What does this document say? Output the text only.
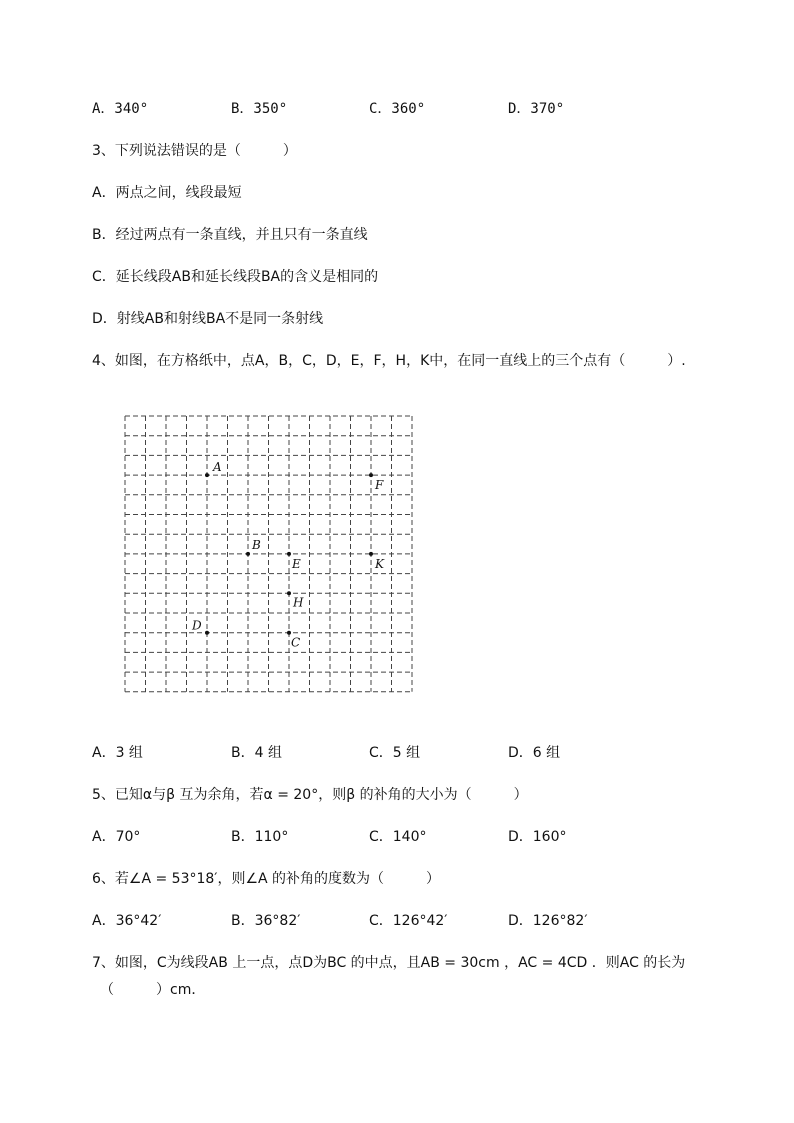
A．340°	B．350°	C．360°	D．370°
3、下列说法错误的是（　　　）
A．两点之间，线段最短
B．经过两点有一条直线，并且只有一条直线
C．延长线段AB和延长线段BA的含义是相同的
D．射线AB和射线BA不是同一条射线
4、如图，在方格纸中，点A，B，C，D，E，F，H，K中，在同一直线上的三个点有（　　　）.
A
B
C
D
E
F
H
K
A．3 组	B．4 组	C．5 组	D．6 组
5、已知α与β 互为余角，若α = 20°，则β 的补角的大小为（　　　）
A．70°	B．110°	C．140°	D．160°
6、若∠A = 53°18′，则∠A 的补角的度数为（　　　）
A．36°42′	B．36°82′	C．126°42′	D．126°82′
7、如图，C为线段AB 上一点，点D为BC 的中点，且AB = 30cm ，AC = 4CD ．则AC 的长为
（　　　）cm．
